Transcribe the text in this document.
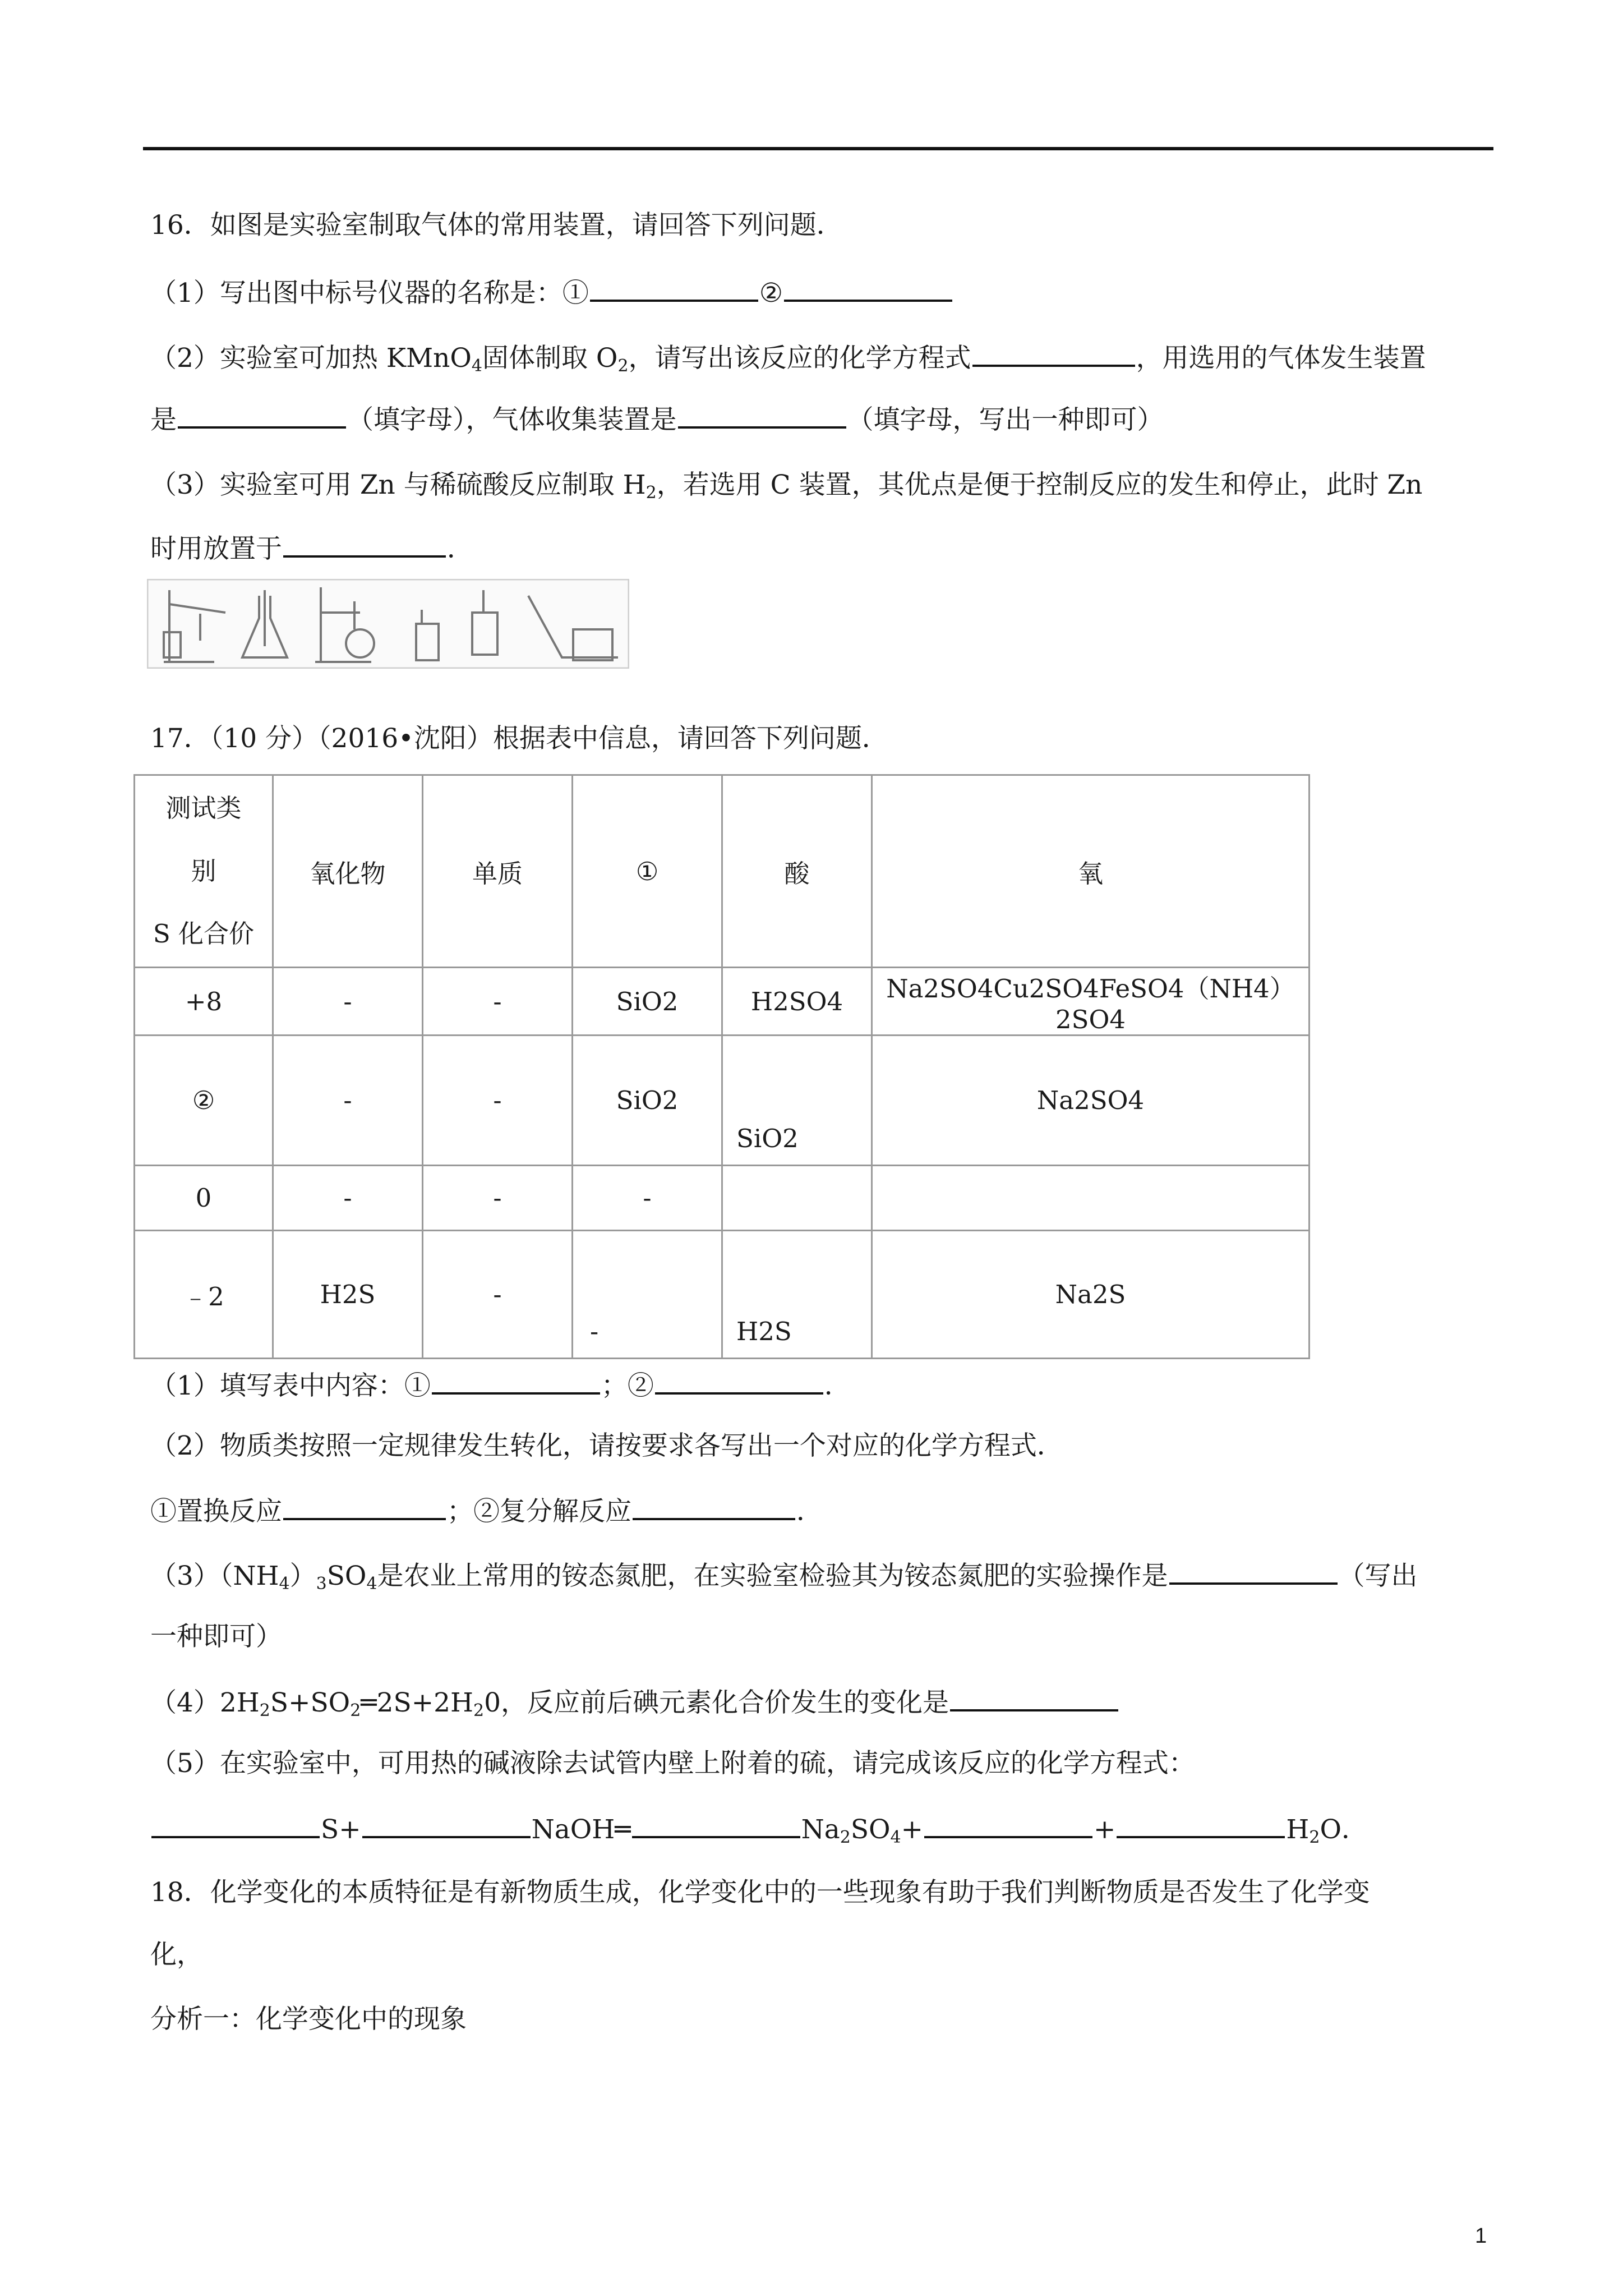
16．如图是实验室制取气体的常用装置，请回答下列问题．
（1）写出图中标号仪器的名称是：①	②
（2）实验室可加热 KMnO$_4$固体制取 $O_2$，请写出该反应的化学方程式	，用选用的气体发生装置
是	（填字母），气体收集装置是	（填字母，写出一种即可）
（3）实验室可用 Zn 与稀硫酸反应制取 $H_2$，若选用 C 装置，其优点是便于控制反应的发生和停止，此时 Zn
时用放置于	．
17．（10 分）（2016•沈阳）根据表中信息，请回答下列问题．
测试类
别
S 化合价	氧化物	单质	①	酸	氧
+8	-	-	SiO2	H2SO4	Na2SO4Cu2SO4FeSO4（NH4）2SO4
②	-	-	SiO2	SiO2	Na2SO4
0	-	-	-		
﹣2	H2S	-	-	H2S	Na2S
（1）填写表中内容：①	；②	．
（2）物质类按照一定规律发生转化，请按要求各写出一个对应的化学方程式．
①置换反应	；②复分解反应	．
$(3)(NH_4)_3SO_4$是农业上常用的铵态氮肥，在实验室检验其为铵态氮肥的实验操作是	（写出
一种即可）
$(4)2H_2S+SO_2═2S+2H_20$，反应前后碘元素化合价发生的变化是
（5）在实验室中，可用热的碱液除去试管内壁上附着的硫，请完成该反应的化学方程式：
S+	NaOH═	$Na_2SO_4+$	+	$H_2O$．
18．化学变化的本质特征是有新物质生成，化学变化中的一些现象有助于我们判断物质是否发生了化学变
化，
分析一：化学变化中的现象
1
